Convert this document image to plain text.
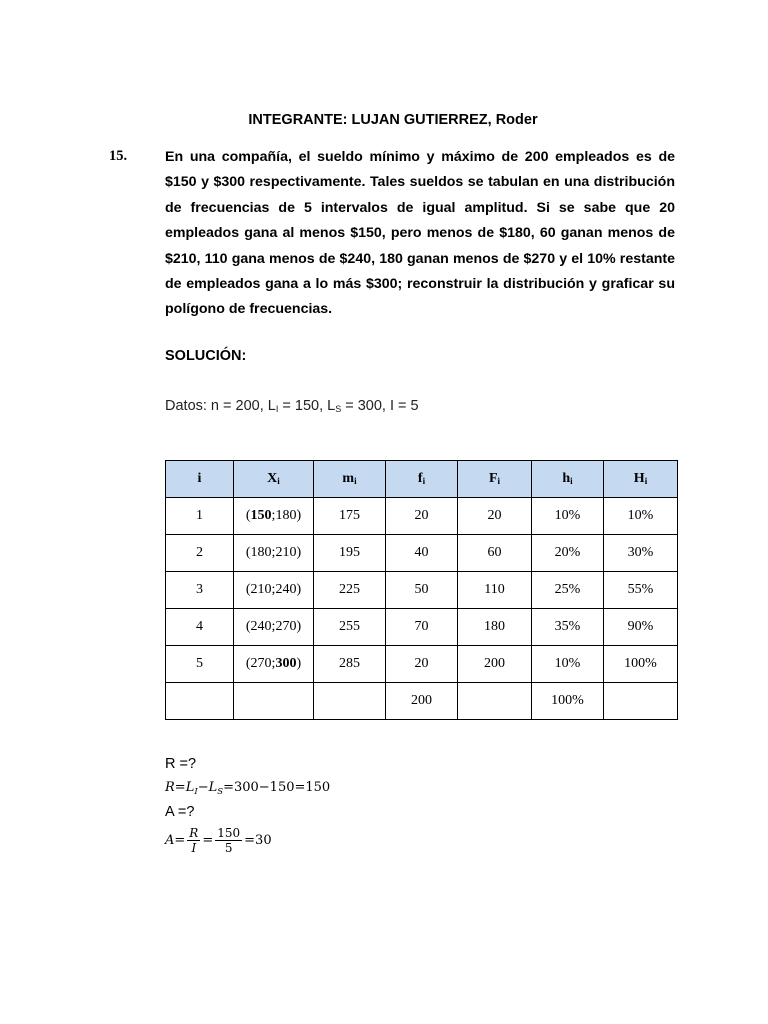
INTEGRANTE: LUJAN GUTIERREZ, Roder
15.	En una compañía, el sueldo mínimo y máximo de 200 empleados es de $150 y $300 respectivamente. Tales sueldos se tabulan en una distribución de frecuencias de 5 intervalos de igual amplitud. Si se sabe que 20 empleados gana al menos $150, pero menos de $180, 60 ganan menos de $210, 110 gana menos de $240, 180 ganan menos de $270 y el 10% restante de empleados gana a lo más $300; reconstruir la distribución y graficar su polígono de frecuencias.

SOLUCIÓN:
Datos: n = 200, $L_I = 150$, $L_S = 300$, I = 5
i	$X_i$	$m_i$	$f_i$	$F_i$	$h_i$	$H_i$
1	(150;180)	175	20	20	10%	10%
2	(180;210)	195	40	60	20%	30%
3	(210;240)	225	50	110	25%	55%
4	(240;270)	255	70	180	35%	90%
5	(270;300)	285	20	200	10%	100%
			200		100%	
R =?
$R=L_I-L_S=300-150=150$
A =?
$A= \frac{R}{I} = \frac{150}{5} =30$
